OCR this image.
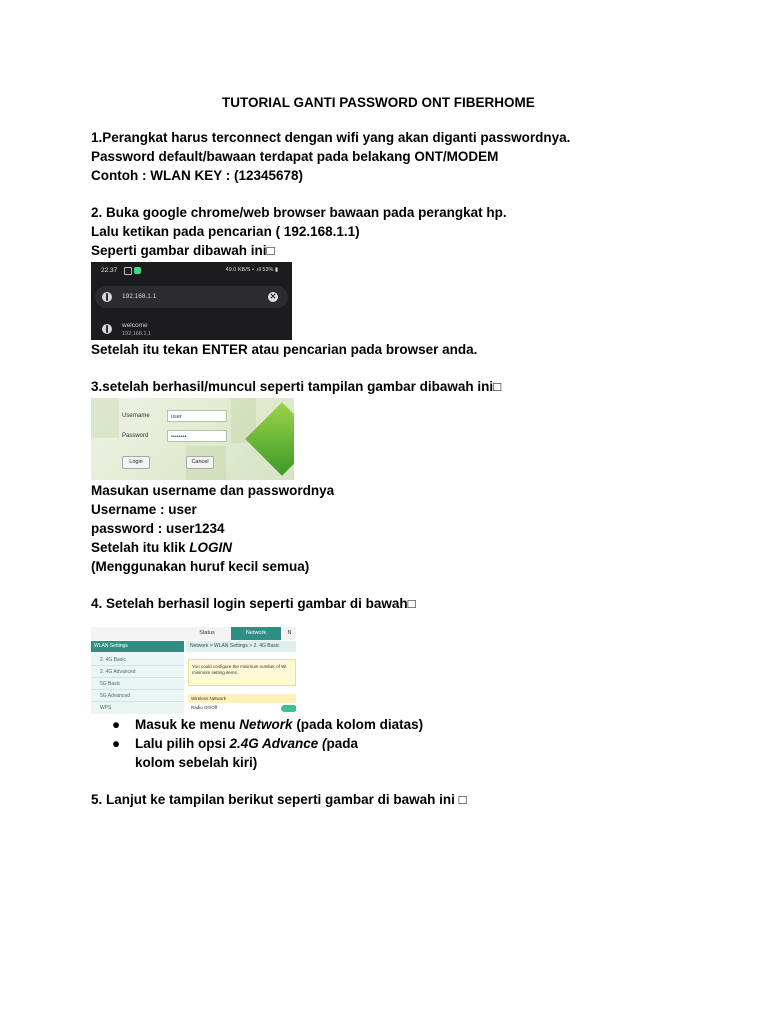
TUTORIAL GANTI PASSWORD ONT FIBERHOME
1.Perangkat harus terconnect dengan wifi yang akan diganti passwordnya.
Password default/bawaan terdapat pada belakang ONT/MODEM
Contoh : WLAN KEY : (12345678)
2. Buka google chrome/web browser bawaan pada perangkat hp.
Lalu ketikan pada pencarian ( 192.168.1.1)
Seperti gambar dibawah ini□
22.37	49.0 KB/S • .ıll 53% ▮
192.168.1.1	✕
welcome
192.168.1.1
Setelah itu tekan ENTER atau pencarian pada browser anda.
3.setelah berhasil/muncul seperti tampilan gambar dibawah ini□
Username	user
Password	••••••••
Login	Cancel
Masukan username dan passwordnya
Username : user
password : user1234
Setelah itu klik LOGIN
(Menggunakan huruf kecil semua)
4. Setelah berhasil login seperti gambar di bawah□
Status	Network	N
WLAN Settings
2. 4G Basic
2. 4G Advanced
5G Basic
5G Advanced
WPS
Network > WLAN Settings > 2. 4G Basic
You could configure the minimum number of Wi minimum setting items.
Wireless Network
Radio On/Off
● Masuk ke menu Network (pada kolom diatas)
● Lalu pilih opsi 2.4G Advance (pada
kolom sebelah kiri)
5. Lanjut ke tampilan berikut seperti gambar di bawah ini □
